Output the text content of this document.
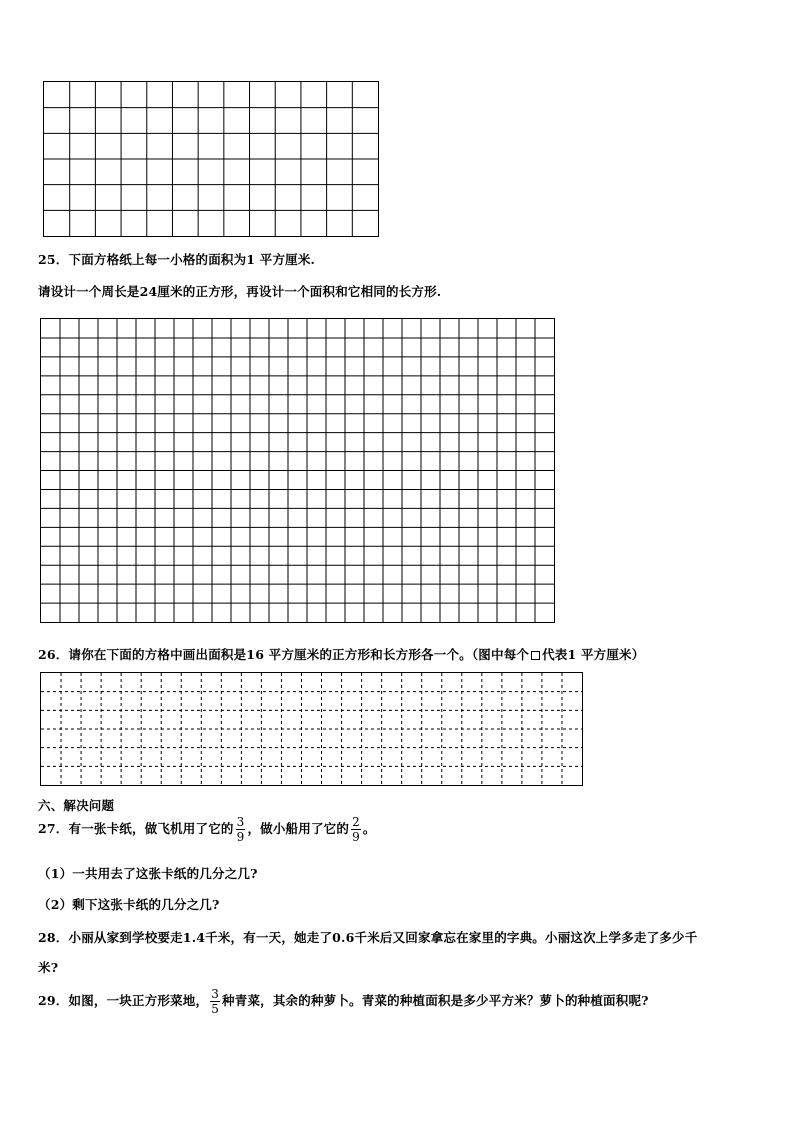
25．下面方格纸上每一小格的面积为1 平方厘米.
请设计一个周长是24厘米的正方形，再设计一个面积和它相同的长方形.
26．请你在下面的方格中画出面积是16 平方厘米的正方形和长方形各一个。（图中每个 代表1 平方厘米）
六、解决问题
27．有一张卡纸，做飞机用了它的 $\frac{3}{9}$ ，做小船用了它的 $\frac{2}{9}$ 。
（1）一共用去了这张卡纸的几分之几?
（2）剩下这张卡纸的几分之几?
28．小丽从家到学校要走1.4千米，有一天，她走了0.6千米后又回家拿忘在家里的字典。小丽这次上学多走了多少千
米?
29．如图，一块正方形菜地， $\frac{3}{5}$ 种青菜，其余的种萝卜。青菜的种植面积是多少平方米？萝卜的种植面积呢?
